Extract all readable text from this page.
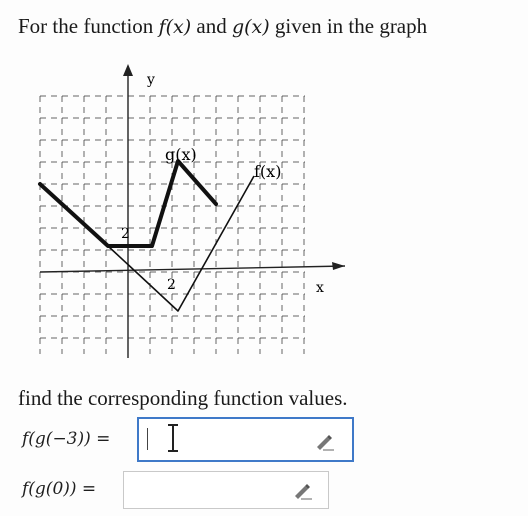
For the function f(x) and g(x) given in the graph
y
x
g(x)
f(x)
2
2
find the corresponding function values.
f(g(−3)) =
f(g(0)) =
